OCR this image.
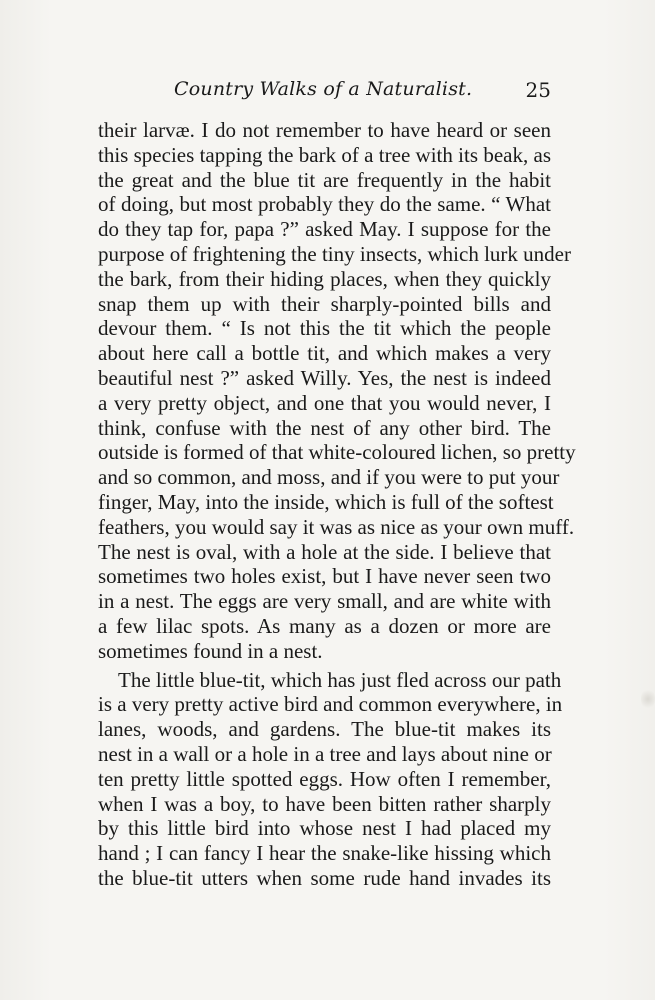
Country Walks of a Naturalist.	25
their larvæ. I do not remember to have heard or seen
this species tapping the bark of a tree with its beak, as
the great and the blue tit are frequently in the habit
of doing, but most probably they do the same. “ What
do they tap for, papa ?” asked May. I suppose for the
purpose of frightening the tiny insects, which lurk under
the bark, from their hiding places, when they quickly
snap them up with their sharply-pointed bills and
devour them. “ Is not this the tit which the people
about here call a bottle tit, and which makes a very
beautiful nest ?” asked Willy. Yes, the nest is indeed
a very pretty object, and one that you would never, I
think, confuse with the nest of any other bird. The
outside is formed of that white-coloured lichen, so pretty
and so common, and moss, and if you were to put your
finger, May, into the inside, which is full of the softest
feathers, you would say it was as nice as your own muff.
The nest is oval, with a hole at the side. I believe that
sometimes two holes exist, but I have never seen two
in a nest. The eggs are very small, and are white with
a few lilac spots. As many as a dozen or more are
sometimes found in a nest.
The little blue-tit, which has just fled across our path
is a very pretty active bird and common everywhere, in
lanes, woods, and gardens. The blue-tit makes its
nest in a wall or a hole in a tree and lays about nine or
ten pretty little spotted eggs. How often I remember,
when I was a boy, to have been bitten rather sharply
by this little bird into whose nest I had placed my
hand ; I can fancy I hear the snake-like hissing which
the blue-tit utters when some rude hand invades its
